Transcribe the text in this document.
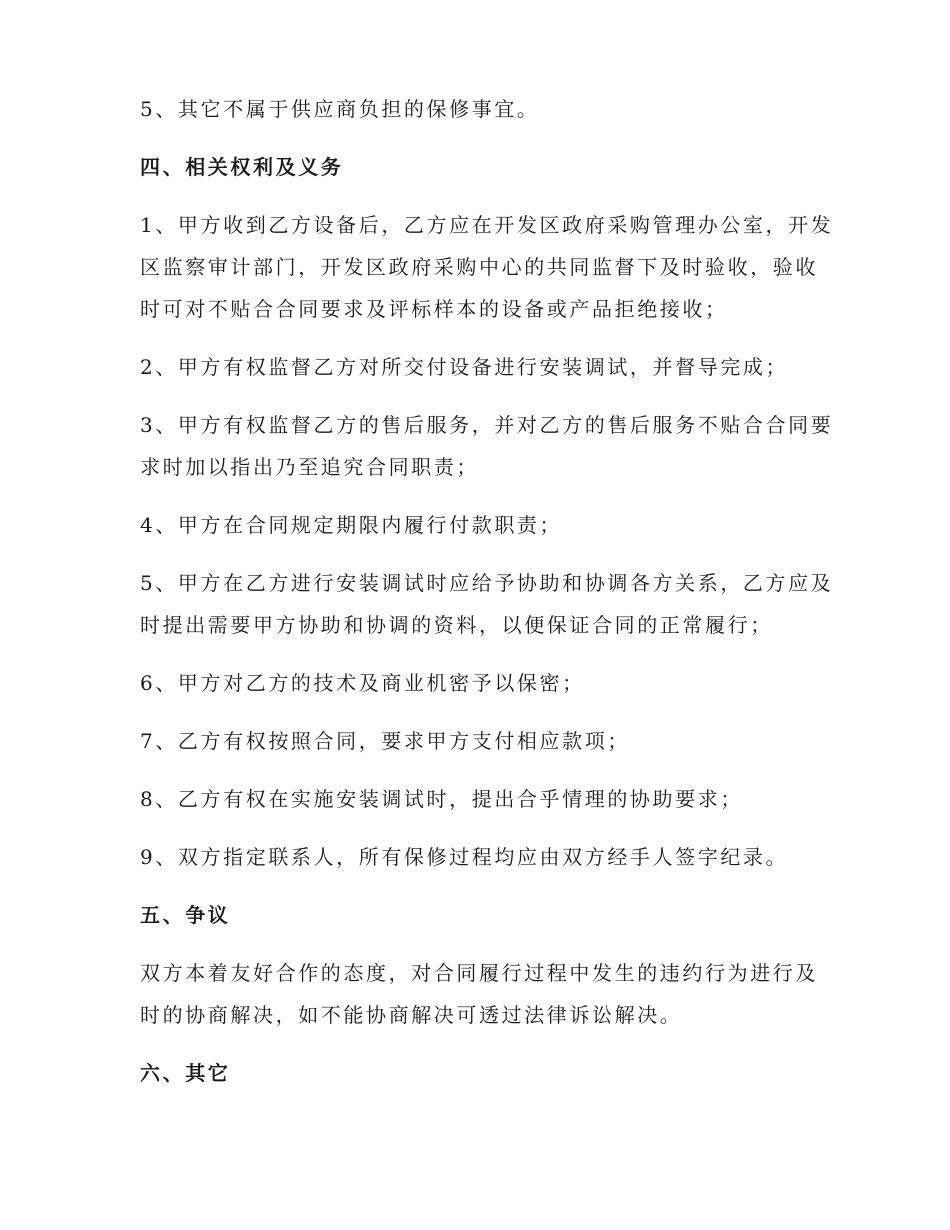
5、其它不属于供应商负担的保修事宜。
四、相关权利及义务
1、甲方收到乙方设备后，乙方应在开发区政府采购管理办公室，开发
区监察审计部门，开发区政府采购中心的共同监督下及时验收，验收
时可对不贴合合同要求及评标样本的设备或产品拒绝接收；
2、甲方有权监督乙方对所交付设备进行安装调试，并督导完成；
3、甲方有权监督乙方的售后服务，并对乙方的售后服务不贴合合同要
求时加以指出乃至追究合同职责；
4、甲方在合同规定期限内履行付款职责；
5、甲方在乙方进行安装调试时应给予协助和协调各方关系，乙方应及
时提出需要甲方协助和协调的资料，以便保证合同的正常履行；
6、甲方对乙方的技术及商业机密予以保密；
7、乙方有权按照合同，要求甲方支付相应款项；
8、乙方有权在实施安装调试时，提出合乎情理的协助要求；
9、双方指定联系人，所有保修过程均应由双方经手人签字纪录。
五、争议
双方本着友好合作的态度，对合同履行过程中发生的违约行为进行及
时的协商解决，如不能协商解决可透过法律诉讼解决。
六、其它
